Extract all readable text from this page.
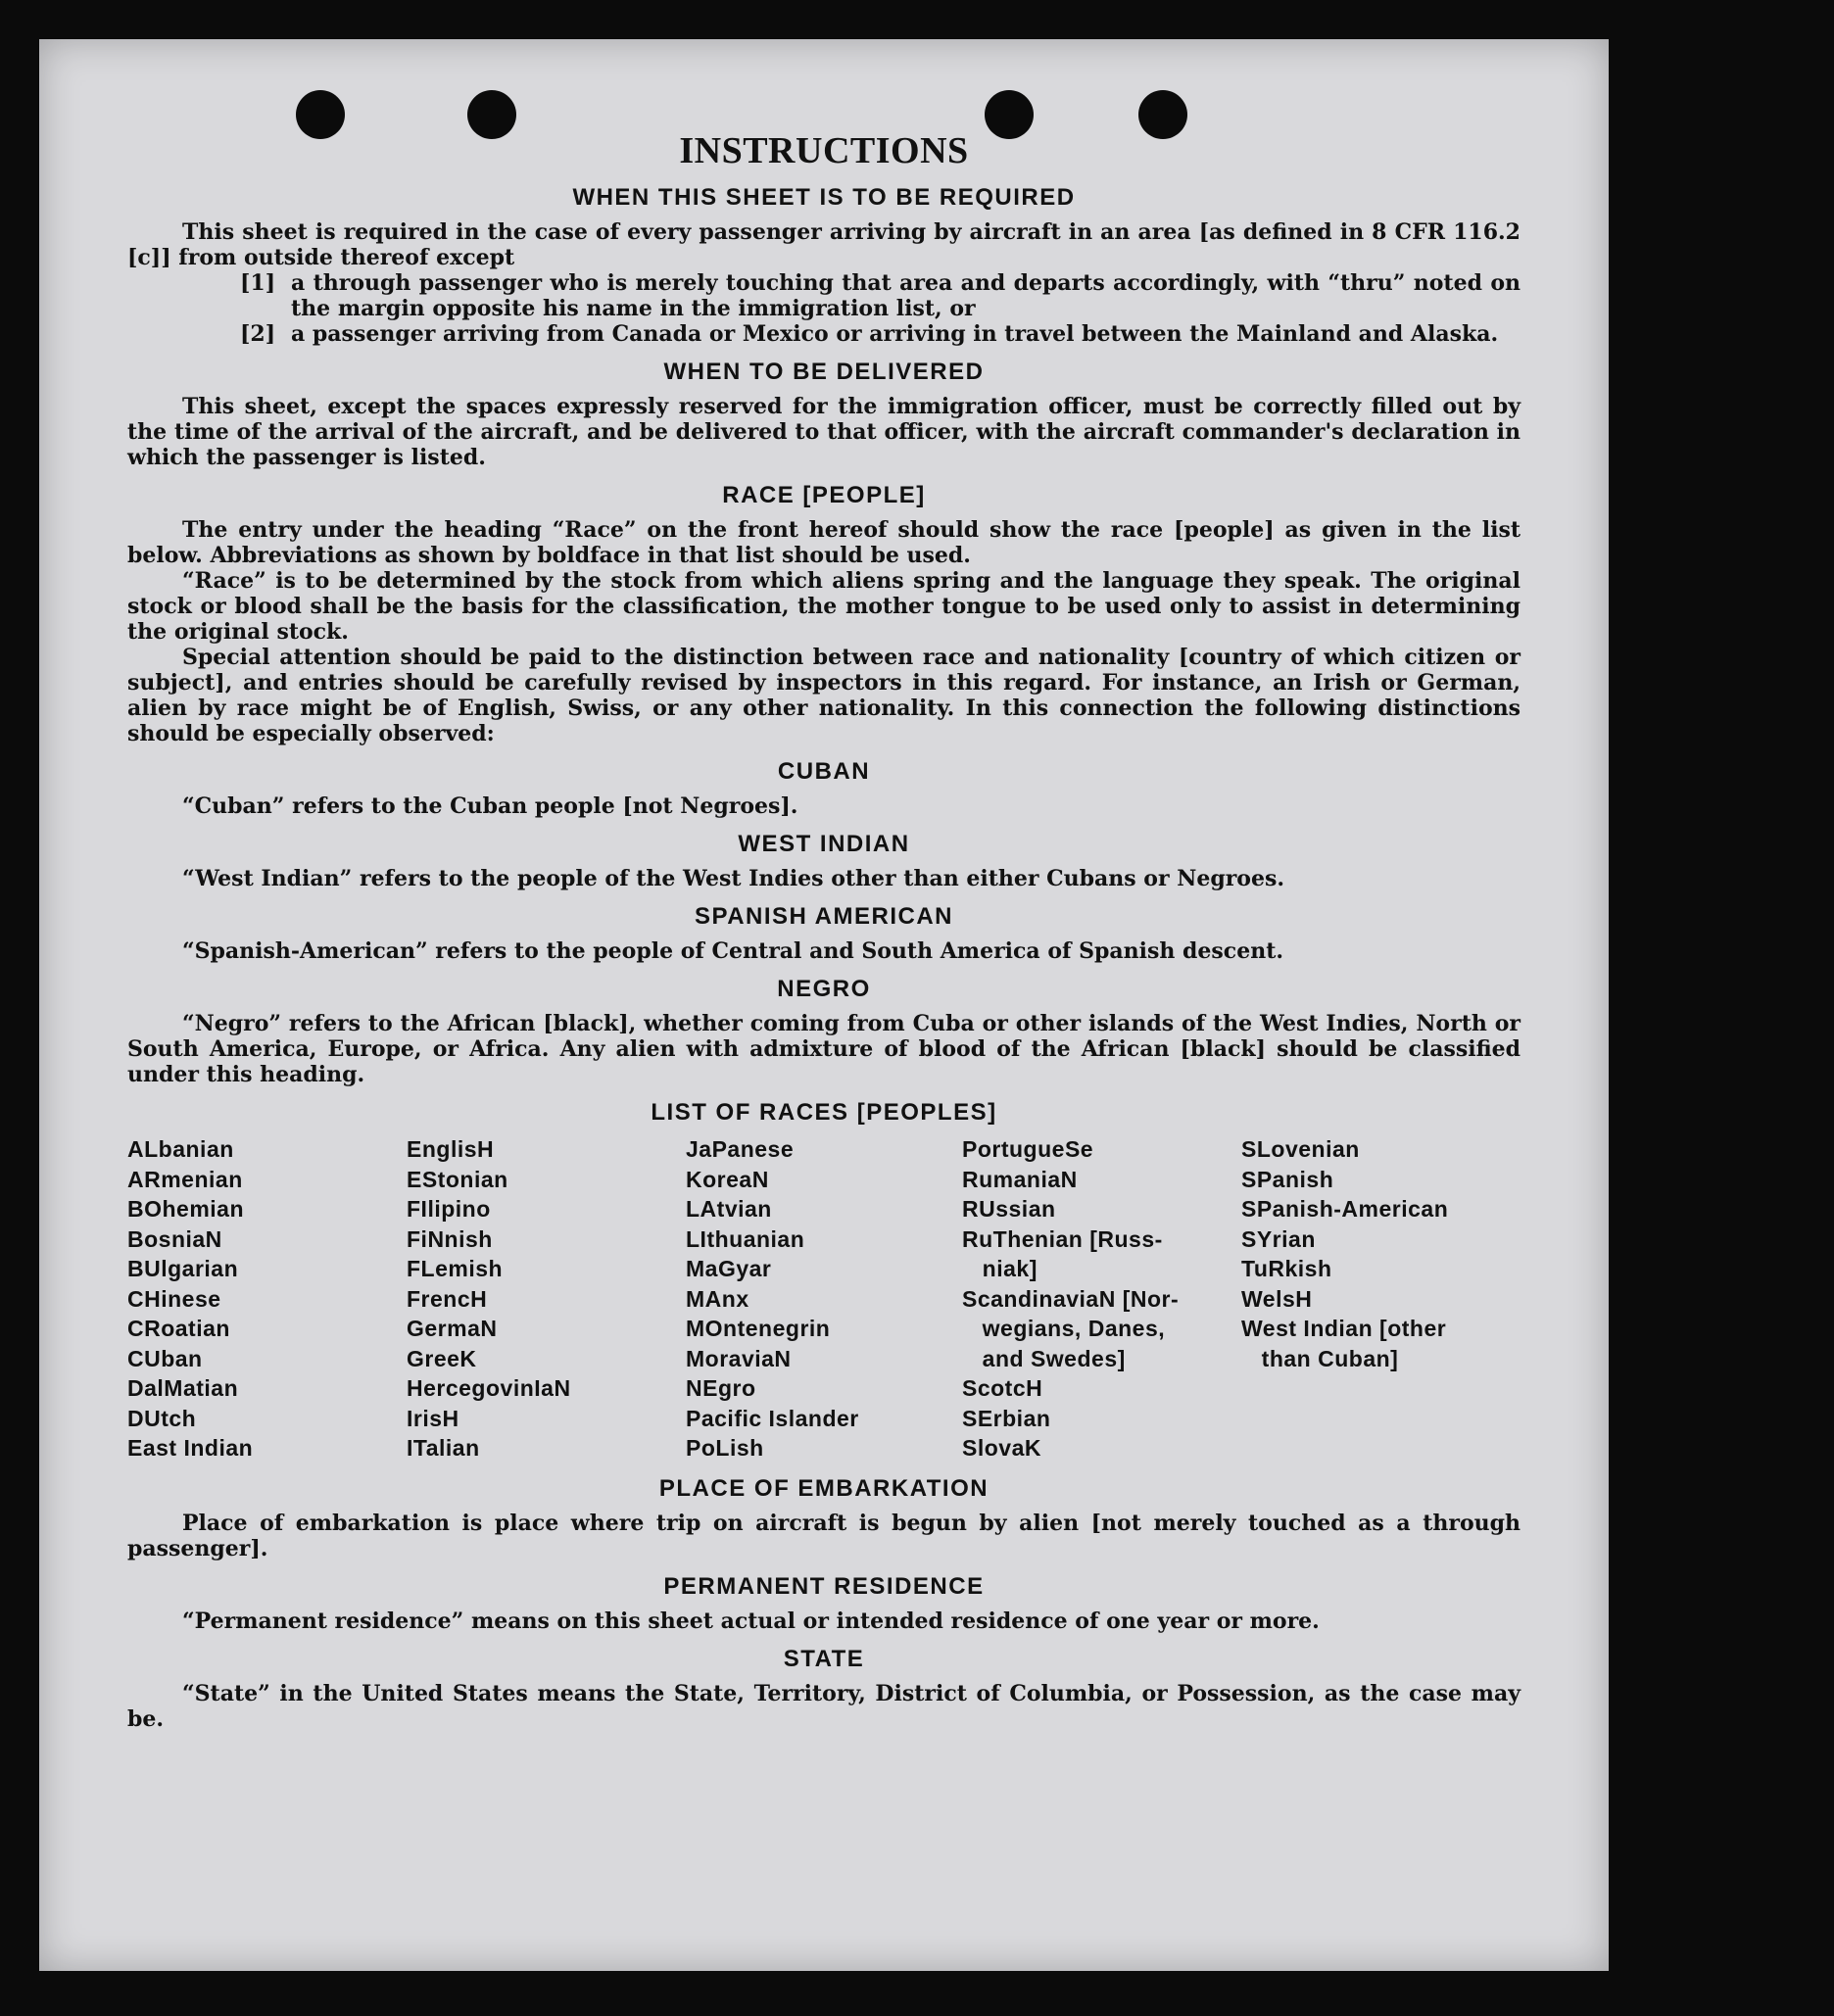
INSTRUCTIONS
WHEN THIS SHEET IS TO BE REQUIRED

This sheet is required in the case of every passenger arriving by aircraft in an area [as defined in 8 CFR 116.2 [c]] from outside thereof except

[1] a through passenger who is merely touching that area and departs accordingly, with “thru” noted on the margin opposite his name in the immigration list, or
[2] a passenger arriving from Canada or Mexico or arriving in travel between the Mainland and Alaska.
WHEN TO BE DELIVERED

This sheet, except the spaces expressly reserved for the immigration officer, must be correctly filled out by the time of the arrival of the aircraft, and be delivered to that officer, with the aircraft commander's declaration in which the passenger is listed.

RACE [PEOPLE]

The entry under the heading “Race” on the front hereof should show the race [people] as given in the list below. Abbreviations as shown by boldface in that list should be used.

“Race” is to be determined by the stock from which aliens spring and the language they speak. The original stock or blood shall be the basis for the classification, the mother tongue to be used only to assist in determining the original stock.

Special attention should be paid to the distinction between race and nationality [country of which citizen or subject], and entries should be carefully revised by inspectors in this regard. For instance, an Irish or German, alien by race might be of English, Swiss, or any other nationality. In this connection the following distinctions should be especially observed:

CUBAN

“Cuban” refers to the Cuban people [not Negroes].

WEST INDIAN

“West Indian” refers to the people of the West Indies other than either Cubans or Negroes.

SPANISH AMERICAN

“Spanish-American” refers to the people of Central and South America of Spanish descent.

NEGRO

“Negro” refers to the African [black], whether coming from Cuba or other islands of the West Indies, North or South America, Europe, or Africa. Any alien with admixture of blood of the African [black] should be classified under this heading.

LIST OF RACES [PEOPLES]
ALbanian
ARmenian
BOhemian
BosniaN
BUlgarian
CHinese
CRoatian
CUban
DalMatian
DUtch
East Indian
EnglisH
EStonian
FIlipino
FiNnish
FLemish
FrencH
GermaN
GreeK
HercegovinIaN
IrisH
ITalian
JaPanese
KoreaN
LAtvian
LIthuanian
MaGyar
MAnx
MOntenegrin
MoraviaN
NEgro
Pacific Islander
PoLish
PortugueSe
RumaniaN
RUssian
RuThenian [Russ-
niak]
ScandinaviaN [Nor-
wegians, Danes,
and Swedes]
ScotcH
SErbian
SlovaK
SLovenian
SPanish
SPanish-American
SYrian
TuRkish
WelsH
West Indian [other
than Cuban]
PLACE OF EMBARKATION

Place of embarkation is place where trip on aircraft is begun by alien [not merely touched as a through passenger].

PERMANENT RESIDENCE

“Permanent residence” means on this sheet actual or intended residence of one year or more.

STATE

“State” in the United States means the State, Territory, District of Columbia, or Possession, as the case may be.
